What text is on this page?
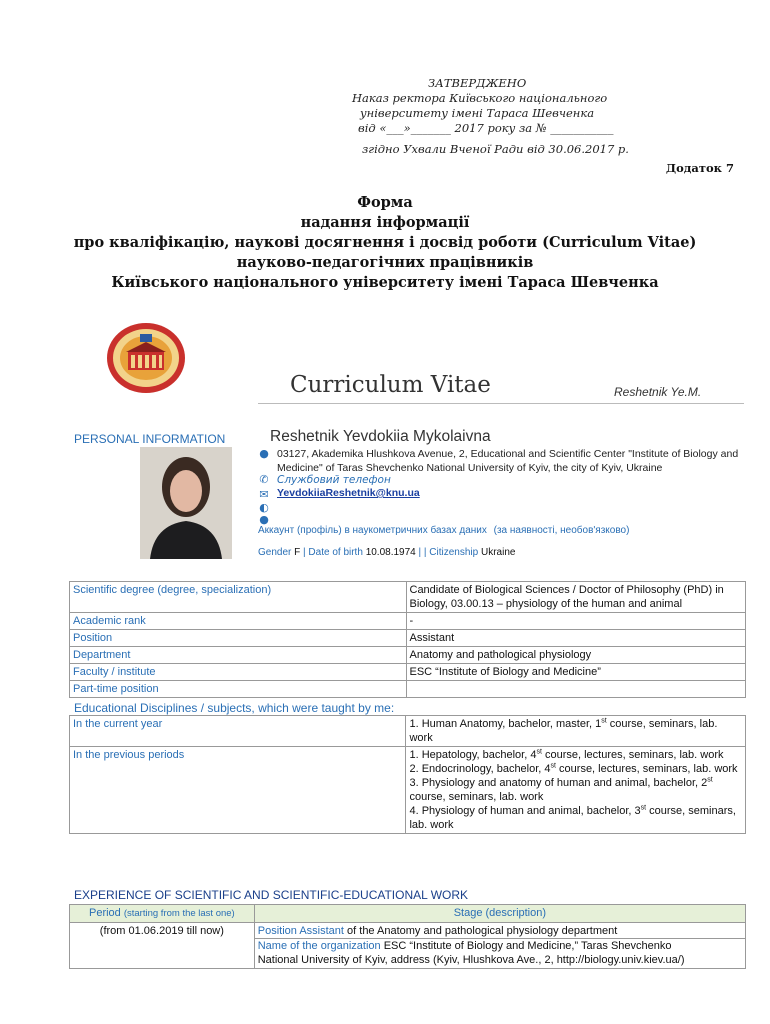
ЗАТВЕРДЖЕНО
Наказ ректора Київського національного
університету імені Тараса Шевченка
від «___»_______ 2017 року за № ___________
згідно Ухвали Вченої Ради від 30.06.2017 р.
Додаток 7
Форма
надання інформації
про кваліфікацію, наукові досягнення і досвід роботи (Curriculum Vitae)
науково-педагогічних працівників
Київського національного університету імені Тараса Шевченка
Curriculum Vitae	Reshetnik Ye.M.
PERSONAL INFORMATION	Reshetnik Yevdokiia Mykolaivna
● 03127, Akademika Hlushkova Avenue, 2, Educational and Scientific Center "Institute of Biology and Medicine" of Taras Shevchenko National University of Kyiv, the city of Kyiv, Ukraine
✆ Службовий телефон
✉ YevdokiiaReshetnik@knu.ua
◐
●
Аккаунт (профіль) в наукометричних базах даних (за наявності, необов'язково)
Gender F | Date of birth 10.08.1974 | | Citizenship Ukraine
Scientific degree (degree, specialization)	Candidate of Biological Sciences / Doctor of Philosophy (PhD) in Biology, 03.00.13 – physiology of the human and animal
Academic rank	-
Position	Assistant
Department	Anatomy and pathological physiology
Faculty / institute	ESC “Institute of Biology and Medicine”
Part-time position	
Educational Disciplines / subjects, which were taught by me:
In the current year	1. Human Anatomy, bachelor, master, 1st course, seminars, lab. work
In the previous periods	1. Hepatology, bachelor, 4st course, lectures, seminars, lab. work
2. Endocrinology, bachelor, 4st course, lectures, seminars, lab. work
3. Physiology and anatomy of human and animal, bachelor, 2st course, seminars, lab. work
4. Physiology of human and animal, bachelor, 3st course, seminars, lab. work
EXPERIENCE OF SCIENTIFIC AND SCIENTIFIC-EDUCATIONAL WORK
Period (starting from the last one)	Stage (description)
(from 01.06.2019 till now)	Position Assistant of the Anatomy and pathological physiology department
Name of the organization ESC “Institute of Biology and Medicine,” Taras Shevchenko
National University of Kyiv, address (Kyiv, Hlushkova Ave., 2, http://biology.univ.kiev.ua/)
